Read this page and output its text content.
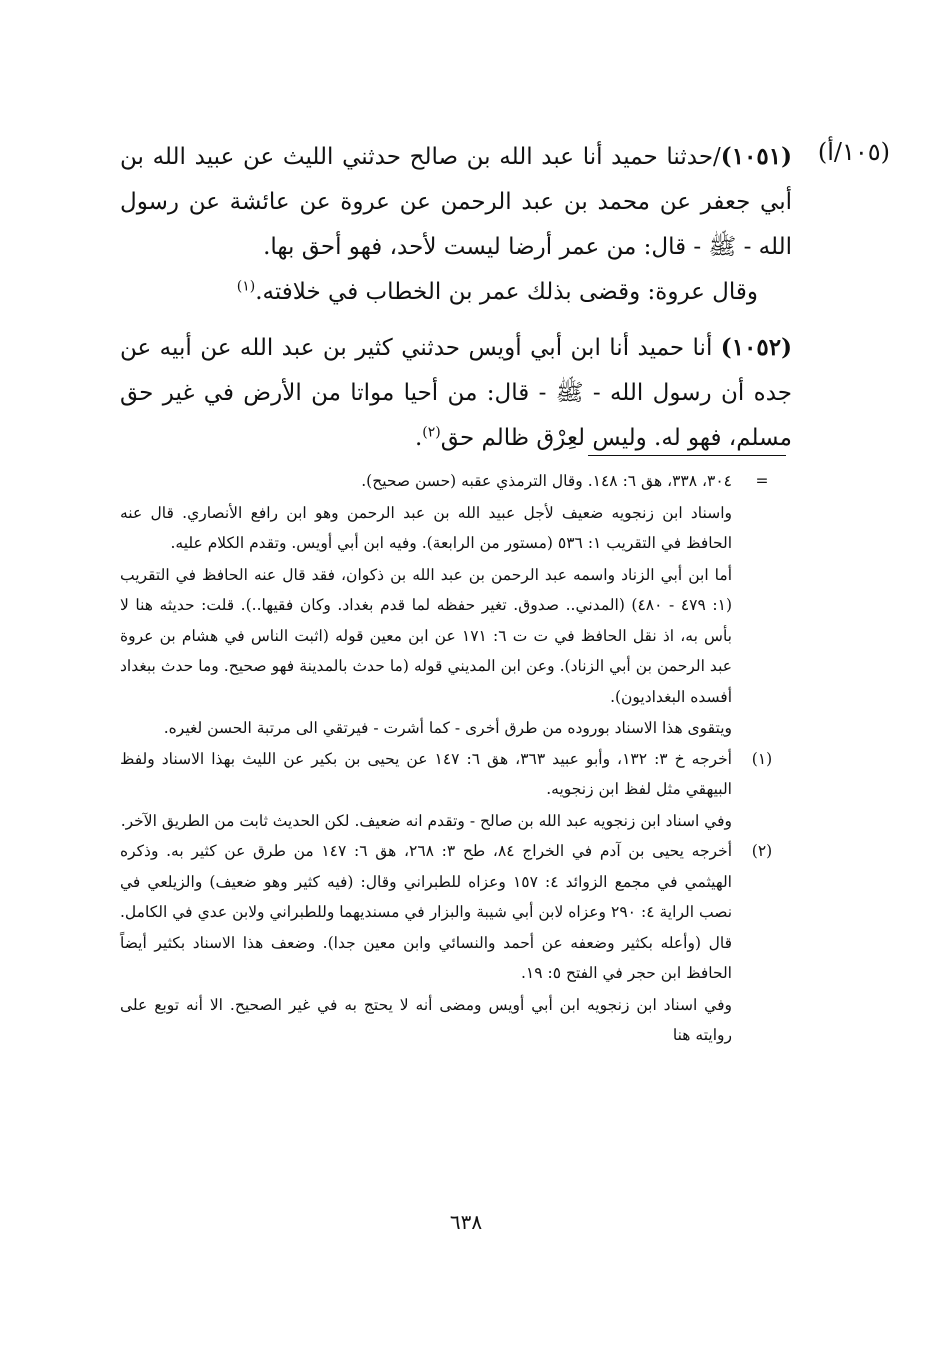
(١٠٥/أ)

(١٠٥١)/حدثنا حميد أنا عبد الله بن صالح حدثني الليث عن عبيد الله بن أبي جعفر عن محمد بن عبد الرحمن عن عروة عن عائشة عن رسول الله - ﷺ - قال: من عمر أرضا ليست لأحد، فهو أحق بها.

وقال عروة: وقضى بذلك عمر بن الخطاب في خلافته.$^{(١)}$

(١٠٥٢) أنا حميد أنا ابن أبي أويس حدثني كثير بن عبد الله عن أبيه عن جده أن رسول الله - ﷺ - قال: من أحيا مواتا من الأرض في غير حق مسلم، فهو له. وليس لعِرْق ظالم حق$^{(٢)}$.

=

٣٠٤، ٣٣٨، هق ٦: ١٤٨. وقال الترمذي عقبه (حسن صحيح).

واسناد ابن زنجويه ضعيف لأجل عبيد الله بن عبد الرحمن وهو ابن رافع الأنصاري. قال عنه الحافظ في التقريب ١: ٥٣٦ (مستور من الرابعة). وفيه ابن أبي أويس. وتقدم الكلام عليه.

أما ابن أبي الزناد واسمه عبد الرحمن بن عبد الله بن ذكوان، فقد قال عنه الحافظ في التقريب (١: ٤٧٩ - ٤٨٠) (المدني.. صدوق. تغير حفظه لما قدم بغداد. وكان فقيها..). قلت: حديثه هنا لا بأس به، اذ نقل الحافظ في ت ت ٦: ١٧١ عن ابن معين قوله (اثبت الناس في هشام بن عروة عبد الرحمن بن أبي الزناد). وعن ابن المديني قوله (ما حدث بالمدينة فهو صحيح. وما حدث ببغداد أفسده البغداديون).

ويتقوى هذا الاسناد بوروده من طرق أخرى - كما أشرت - فيرتقي الى مرتبة الحسن لغيره.

(١)

أخرجه خ ٣: ١٣٢، وأبو عبيد ٣٦٣، هق ٦: ١٤٧ عن يحيى بن بكير عن الليث بهذا الاسناد ولفظ البيهقي مثل لفظ ابن زنجويه.

وفي اسناد ابن زنجويه عبد الله بن صالح - وتقدم انه ضعيف. لكن الحديث ثابت من الطريق الآخر.

(٢)

أخرجه يحيى بن آدم في الخراج ٨٤، طح ٣: ٢٦٨، هق ٦: ١٤٧ من طرق عن كثير به. وذكره الهيثمي في مجمع الزوائد ٤: ١٥٧ وعزاه للطبراني وقال: (فيه كثير وهو ضعيف) والزيلعي في نصب الراية ٤: ٢٩٠ وعزاه لابن أبي شيبة والبزار في مسنديهما وللطبراني ولابن عدي في الكامل. قال (وأعله بكثير وضعفه عن أحمد والنسائي وابن معين جدا). وضعف هذا الاسناد بكثير أيضاً الحافظ ابن حجر في الفتح ٥: ١٩.

وفي اسناد ابن زنجويه ابن أبي أويس ومضى أنه لا يحتج به في غير الصحيح. الا أنه توبع على روايته هنا

٦٣٨
